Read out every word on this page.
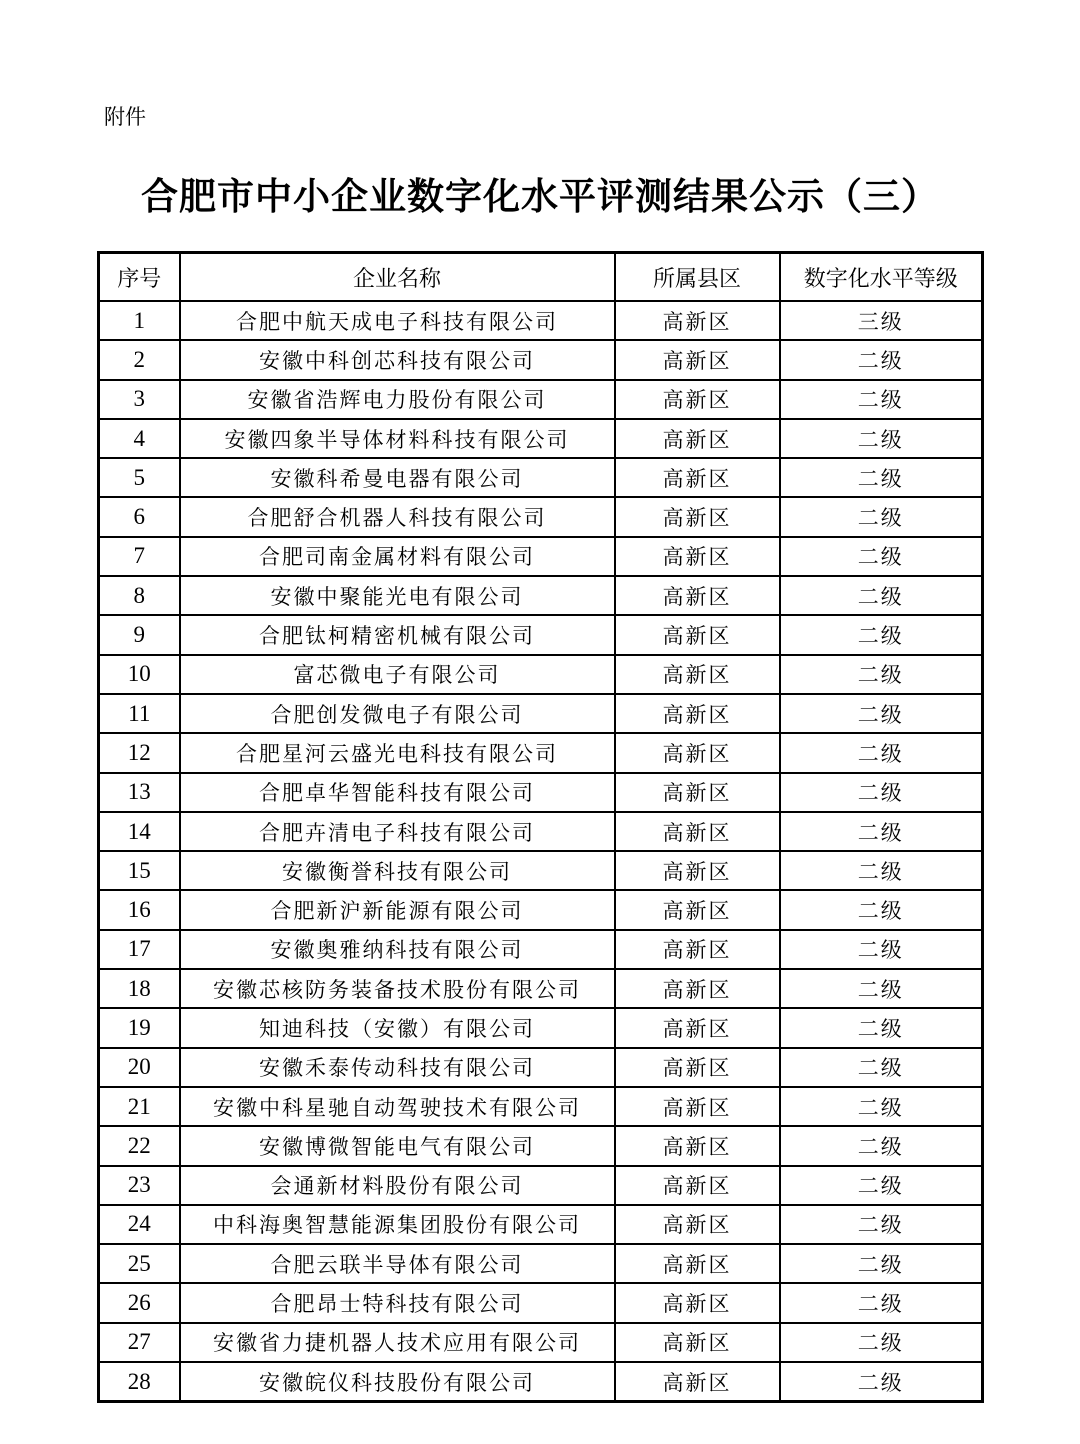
附件
合肥市中小企业数字化水平评测结果公示（三）
序号	企业名称	所属县区	数字化水平等级
1	合肥中航天成电子科技有限公司	高新区	三级
2	安徽中科创芯科技有限公司	高新区	二级
3	安徽省浩辉电力股份有限公司	高新区	二级
4	安徽四象半导体材料科技有限公司	高新区	二级
5	安徽科希曼电器有限公司	高新区	二级
6	合肥舒合机器人科技有限公司	高新区	二级
7	合肥司南金属材料有限公司	高新区	二级
8	安徽中聚能光电有限公司	高新区	二级
9	合肥钛柯精密机械有限公司	高新区	二级
10	富芯微电子有限公司	高新区	二级
11	合肥创发微电子有限公司	高新区	二级
12	合肥星河云盛光电科技有限公司	高新区	二级
13	合肥卓华智能科技有限公司	高新区	二级
14	合肥卉清电子科技有限公司	高新区	二级
15	安徽衡誉科技有限公司	高新区	二级
16	合肥新沪新能源有限公司	高新区	二级
17	安徽奥雅纳科技有限公司	高新区	二级
18	安徽芯核防务装备技术股份有限公司	高新区	二级
19	知迪科技（安徽）有限公司	高新区	二级
20	安徽禾泰传动科技有限公司	高新区	二级
21	安徽中科星驰自动驾驶技术有限公司	高新区	二级
22	安徽博微智能电气有限公司	高新区	二级
23	会通新材料股份有限公司	高新区	二级
24	中科海奥智慧能源集团股份有限公司	高新区	二级
25	合肥云联半导体有限公司	高新区	二级
26	合肥昂士特科技有限公司	高新区	二级
27	安徽省力捷机器人技术应用有限公司	高新区	二级
28	安徽皖仪科技股份有限公司	高新区	二级
